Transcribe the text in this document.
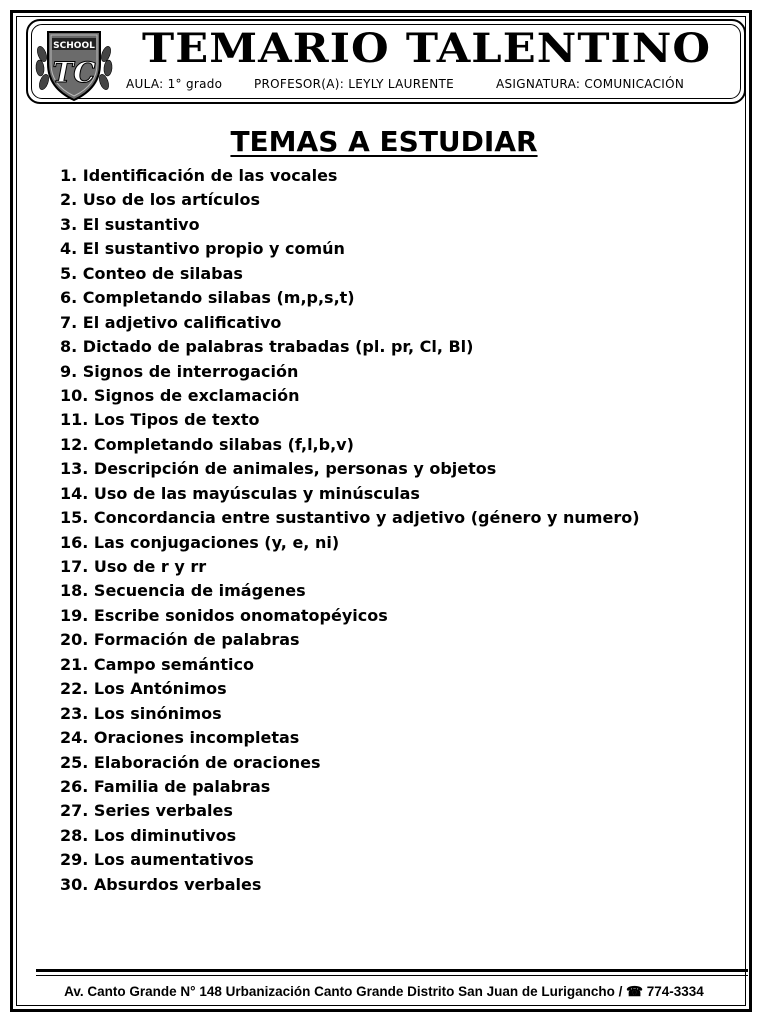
SCHOOL
TC
TEMARIO TALENTINO
AULA: 1° grado	PROFESOR(A): LEYLY LAURENTE	ASIGNATURA: COMUNICACIÓN
TEMAS A ESTUDIAR
1. Identificación de las vocales
2. Uso de los artículos
3. El sustantivo
4. El sustantivo propio y común
5. Conteo de silabas
6. Completando silabas (m,p,s,t)
7. El adjetivo calificativo
8. Dictado de palabras trabadas (pl. pr, Cl, Bl)
9. Signos de interrogación
10. Signos de exclamación
11. Los Tipos de texto
12. Completando silabas (f,l,b,v)
13. Descripción de animales, personas y objetos
14. Uso de las mayúsculas y minúsculas
15. Concordancia entre sustantivo y adjetivo (género y numero)
16. Las conjugaciones (y, e, ni)
17. Uso de r y rr
18. Secuencia de imágenes
19. Escribe sonidos onomatopéyicos
20. Formación de palabras
21. Campo semántico
22. Los Antónimos
23. Los sinónimos
24. Oraciones incompletas
25. Elaboración de oraciones
26. Familia de palabras
27. Series verbales
28. Los diminutivos
29. Los aumentativos
30. Absurdos verbales
Av. Canto Grande N° 148 Urbanización Canto Grande Distrito San Juan de Lurigancho / ☎ 774-3334
